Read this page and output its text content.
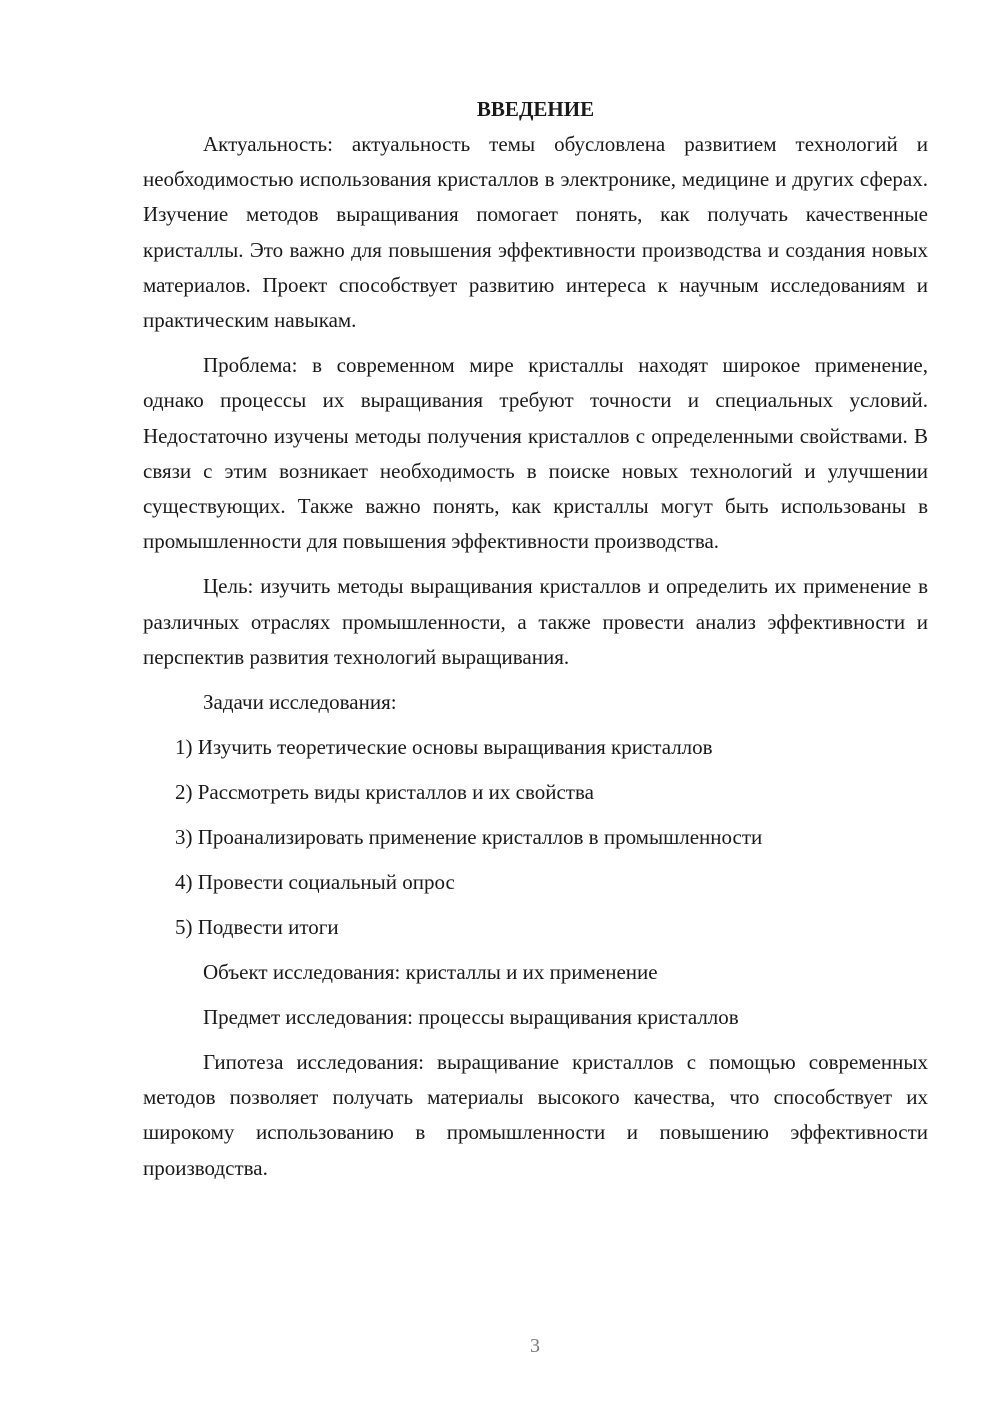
ВВЕДЕНИЕ

Актуальность: актуальность темы обусловлена развитием технологий и необходимостью использования кристаллов в электронике, медицине и других сферах. Изучение методов выращивания помогает понять, как получать качественные кристаллы. Это важно для повышения эффективности производства и создания новых материалов. Проект способствует развитию интереса к научным исследованиям и практическим навыкам.

Проблема: в современном мире кристаллы находят широкое применение, однако процессы их выращивания требуют точности и специальных условий. Недостаточно изучены методы получения кристаллов с определенными свойствами. В связи с этим возникает необходимость в поиске новых технологий и улучшении существующих. Также важно понять, как кристаллы могут быть использованы в промышленности для повышения эффективности производства.

Цель: изучить методы выращивания кристаллов и определить их применение в различных отраслях промышленности, а также провести анализ эффективности и перспектив развития технологий выращивания.

Задачи исследования:
1) Изучить теоретические основы выращивания кристаллов
2) Рассмотреть виды кристаллов и их свойства
3) Проанализировать применение кристаллов в промышленности
4) Провести социальный опрос
5) Подвести итоги
Объект исследования: кристаллы и их применение
Предмет исследования: процессы выращивания кристаллов

Гипотеза исследования: выращивание кристаллов с помощью современных методов позволяет получать материалы высокого качества, что способствует их широкому использованию в промышленности и повышению эффективности производства.

3
